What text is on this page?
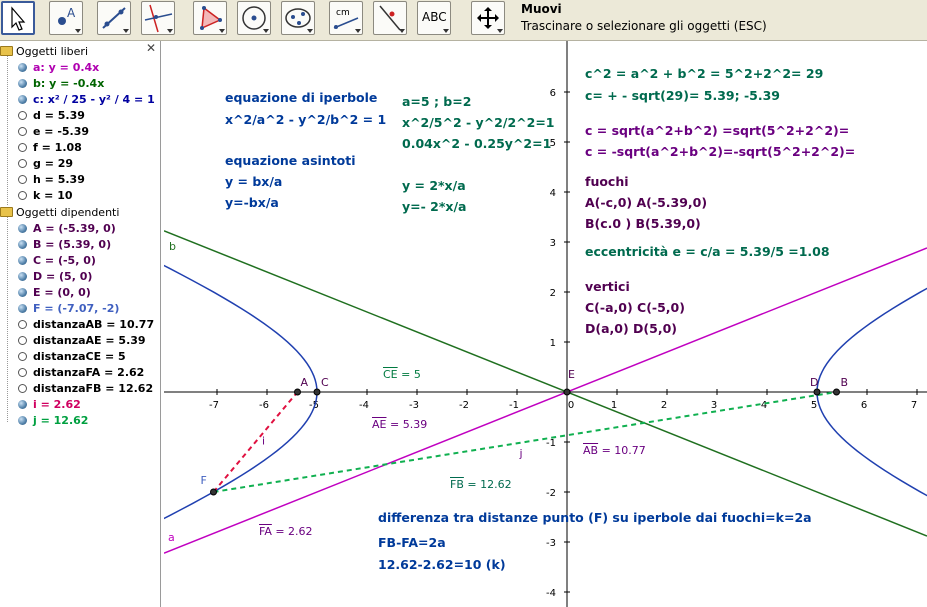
A	cm	ABC
Muovi
Trascinare o selezionare gli oggetti (ESC)
✕
Oggetti liberi
a: y = 0.4x
b: y = -0.4x
c: x² / 25 - y² / 4 = 1
d = 5.39
e = -5.39
f = 1.08
g = 29
h = 5.39
k = 10
Oggetti dipendenti
A = (-5.39, 0)
B = (5.39, 0)
C = (-5, 0)
D = (5, 0)
E = (0, 0)
F = (-7.07, -2)
distanzaAB = 10.77
distanzaAE = 5.39
distanzaCE = 5
distanzaFA = 2.62
distanzaFB = 12.62
i = 2.62
j = 12.62
-7	-6	-5	-4	-3	-2	-1	0	1	2	3	4	5	6	7
6
5
4
3
2
1
-1
-2
-3
-4
a
b
i
j
A	B
C	D
E
F
equazione di iperbole
x^2/a^2 - y^2/b^2 = 1
equazione asintoti
y = bx/a
y=-bx/a
a=5 ; b=2
x^2/5^2 - y^2/2^2=1
0.04x^2 - 0.25y^2=1
y = 2*x/a
y=- 2*x/a
c^2 = a^2 + b^2 = 5^2+2^2= 29
c= + - sqrt(29)= 5.39; -5.39
c = sqrt(a^2+b^2) =sqrt(5^2+2^2)=
c = -sqrt(a^2+b^2)=-sqrt(5^2+2^2)=
fuochi
A(-c,0) A(-5.39,0)
B(c.0 ) B(5.39,0)
eccentricità e = c/a = 5.39/5 =1.08
vertici
C(-a,0) C(-5,0)
D(a,0) D(5,0)
differenza tra distanze punto (F) su iperbole dai fuochi=k=2a
FB-FA=2a
12.62-2.62=10 (k)
$\overline{CE} = 5$
$\overline{AE} = 5.39$
$\overline{AB} = 10.77$
$\overline{FB} = 12.62$
$\overline{FA} = 2.62$
